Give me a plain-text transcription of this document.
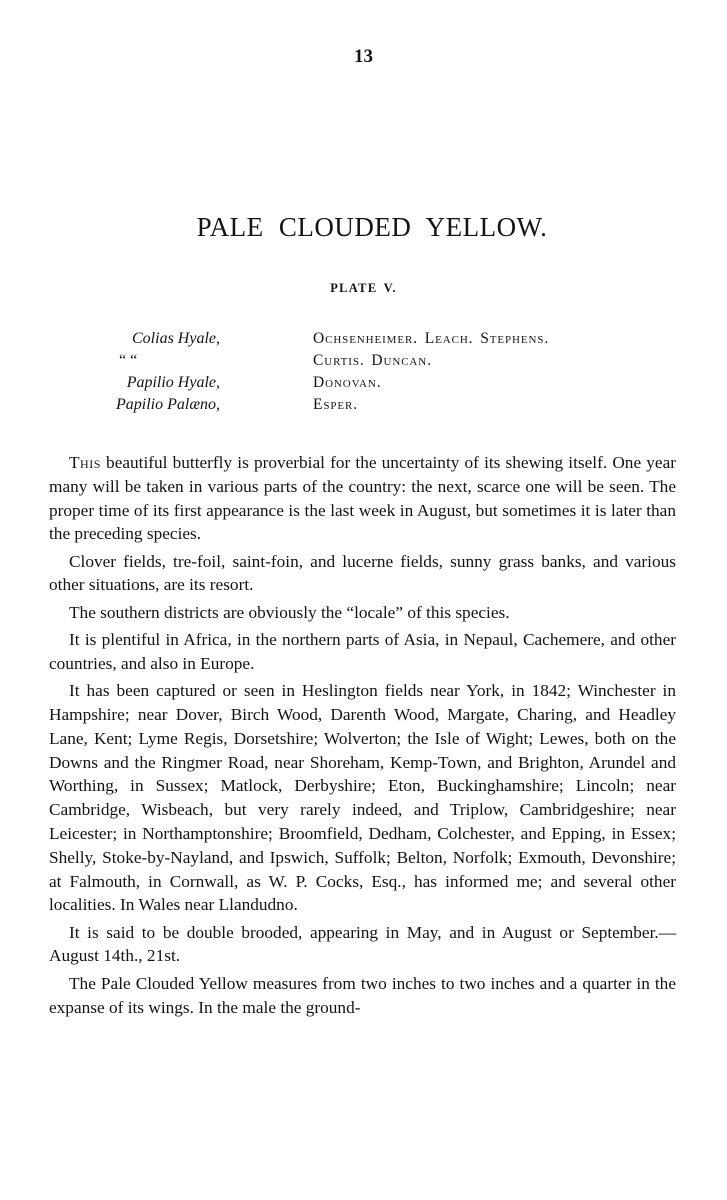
13
PALE CLOUDED YELLOW.
PLATE V.
Colias Hyale,	Ochsenheimer. Leach. Stephens.
“ “	Curtis. Duncan.
Papilio Hyale,	Donovan.
Papilio Palæno,	Esper.

This beautiful butterfly is proverbial for the uncertainty of its shewing itself. One year many will be taken in various parts of the country: the next, scarce one will be seen. The proper time of its first appearance is the last week in August, but sometimes it is later than the preceding species.

Clover fields, tre-foil, saint-foin, and lucerne fields, sunny grass banks, and various other situations, are its resort.

The southern districts are obviously the “locale” of this species.

It is plentiful in Africa, in the northern parts of Asia, in Nepaul, Cachemere, and other countries, and also in Europe.

It has been captured or seen in Heslington fields near York, in 1842; Winchester in Hampshire; near Dover, Birch Wood, Darenth Wood, Margate, Charing, and Headley Lane, Kent; Lyme Regis, Dorsetshire; Wolverton; the Isle of Wight; Lewes, both on the Downs and the Ringmer Road, near Shoreham, Kemp-Town, and Brighton, Arundel and Worthing, in Sussex; Matlock, Derbyshire; Eton, Buckinghamshire; Lincoln; near Cambridge, Wisbeach, but very rarely indeed, and Triplow, Cambridgeshire; near Leicester; in Northamptonshire; Broomfield, Dedham, Colchester, and Epping, in Essex; Shelly, Stoke-by-Nayland, and Ipswich, Suffolk; Belton, Norfolk; Exmouth, Devonshire; at Falmouth, in Cornwall, as W. P. Cocks, Esq., has informed me; and several other localities. In Wales near Llandudno.

It is said to be double brooded, appearing in May, and in August or September.—August 14th., 21st.

The Pale Clouded Yellow measures from two inches to two inches and a quarter in the expanse of its wings. In the male the ground-
